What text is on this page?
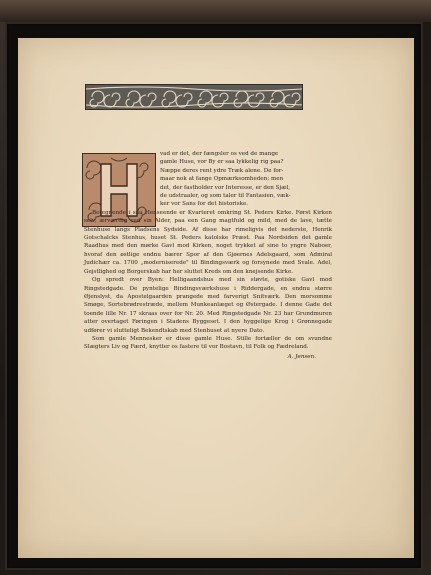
vad er det, der fængsler os ved de mange
gamle Huse, vor By er saa lykkelig rig paa?
Næppe deres rent ydre Træk alene. De for-
maar nok at fange Opmærksomheden; men
det, der fastholder vor Interesse, er den Sjæl,
de udstraaler, og som taler til Fantasien, væk-
ker vor Sans for det historiske.

Betegnende i saa Henseende er Kvarteret omkring St. Peders Kirke. Først Kirken selv, ærværdig ved sin Alder, paa een Gang magtfuld og mild, med de lave, tætte Stenhuse langs Pladsens Sydside. Af disse har rimeligvis det nederste, Henrik Gotschalcks Stenhus, huset St. Peders katolske Præst. Paa Nordsiden det gamle Raadhus med den mørke Gavl mod Kirken, noget trykket af sine to yngre Naboer, hvoraf den østlige endnu bærer Spor af den Gjøernes Adelsgaard, som Admiral Judichær ca. 1700 „moderniserede" til Bindingsværk og forsynede med Svale. Adel, Gejstlighed og Borgerskab har her sluttet Kreds om den knejsende Kirke.

Og spredt over Byen: Helligaandshus med sin støvte, gotiske Gavl mod Ringstedgade. De pyntelige Bindingsværkshuse i Riddergade, en endnu større Øjenslyst, da Apostelgaarden prangede med farverigt Snitværk. Den morsomme Smøge, Sortebrødrestræde, mellem Munkeanlæget og Østergade. I denne Gade det toende lille Nr. 17 skraas over for Nr. 20. Med Ringstedgade Nr. 23 har Grundmuren atter overtaget Føringen i Stadens Byggeset. I den hyggelige Krog i Grønnegade udfører vi slutteligt Bekendtskab med Stenhuset at nyere Dato.

Som gamle Mennesker er disse gamle Huse. Stille fortæller de om svundne Slægters Liv og Færd, knytter os fastere til vor Bostavn, til Folk og Fædreland.

A. Jensen.
